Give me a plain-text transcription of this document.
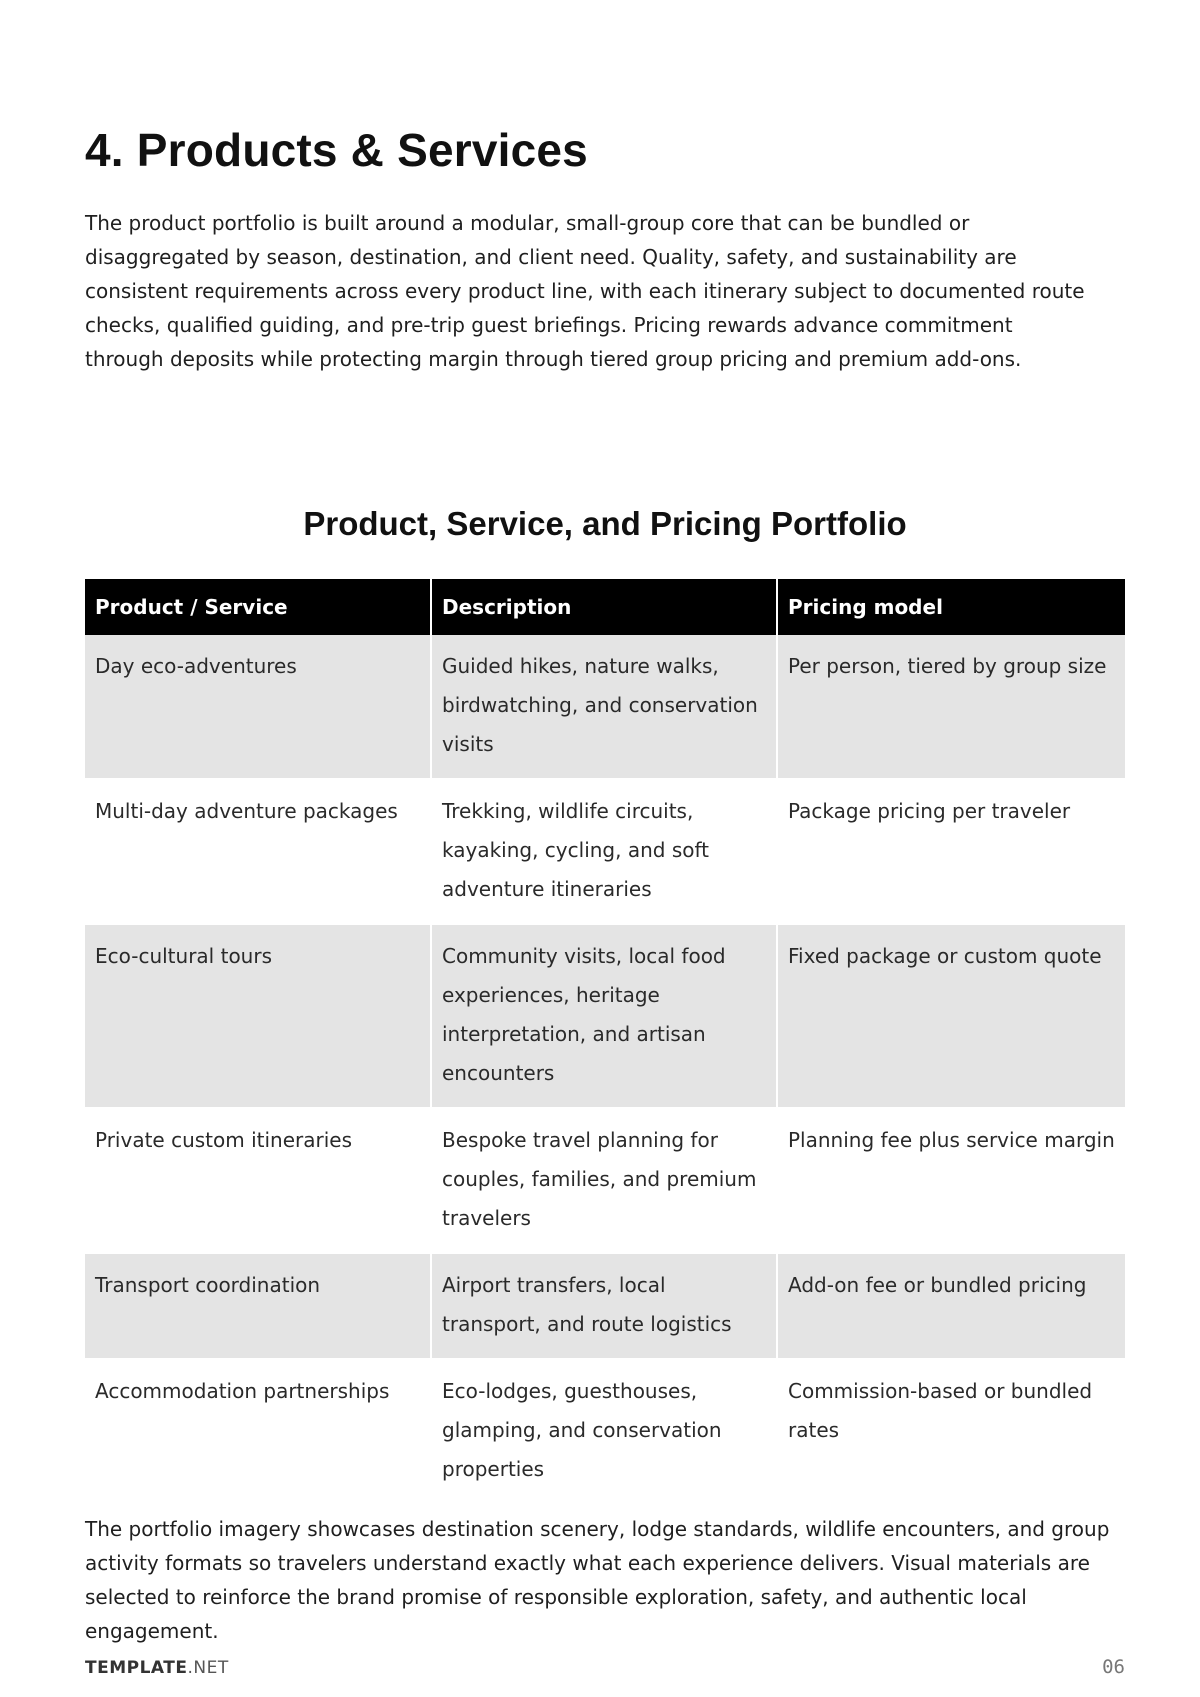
4. Products & Services

The product portfolio is built around a modular, small-group core that can be bundled or disaggregated by season, destination, and client need. Quality, safety, and sustainability are consistent requirements across every product line, with each itinerary subject to documented route checks, qualified guiding, and pre-trip guest briefings. Pricing rewards advance commitment through deposits while protecting margin through tiered group pricing and premium add-ons.

Product, Service, and Pricing Portfolio
Product / Service	Description	Pricing model
Day eco-adventures	Guided hikes, nature walks, birdwatching, and conservation visits	Per person, tiered by group size
Multi-day adventure packages	Trekking, wildlife circuits, kayaking, cycling, and soft adventure itineraries	Package pricing per traveler
Eco-cultural tours	Community visits, local food experiences, heritage interpretation, and artisan encounters	Fixed package or custom quote
Private custom itineraries	Bespoke travel planning for couples, families, and premium travelers	Planning fee plus service margin
Transport coordination	Airport transfers, local transport, and route logistics	Add-on fee or bundled pricing
Accommodation partnerships	Eco-lodges, guesthouses, glamping, and conservation properties	Commission-based or bundled rates

The portfolio imagery showcases destination scenery, lodge standards, wildlife encounters, and group activity formats so travelers understand exactly what each experience delivers. Visual materials are selected to reinforce the brand promise of responsible exploration, safety, and authentic local engagement.

TEMPLATE.NET	06
